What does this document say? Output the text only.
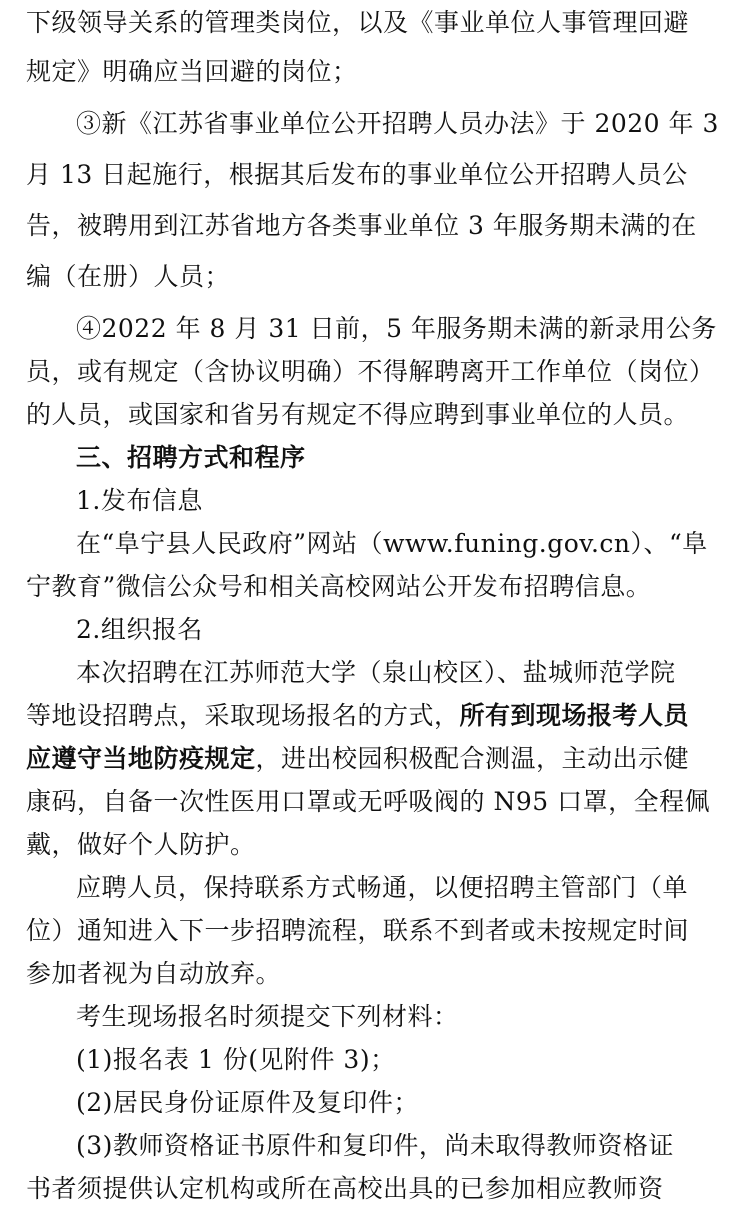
下级领导关系的管理类岗位，以及《事业单位人事管理回避
规定》明确应当回避的岗位；
③新《江苏省事业单位公开招聘人员办法》于 2020 年 3
月 13 日起施行，根据其后发布的事业单位公开招聘人员公
告，被聘用到江苏省地方各类事业单位 3 年服务期未满的在
编（在册）人员；
④2022 年 8 月 31 日前，5 年服务期未满的新录用公务
员，或有规定（含协议明确）不得解聘离开工作单位（岗位）
的人员，或国家和省另有规定不得应聘到事业单位的人员。
三、招聘方式和程序
1.发布信息
在“阜宁县人民政府”网站（www.funing.gov.cn）、“阜
宁教育”微信公众号和相关高校网站公开发布招聘信息。
2.组织报名
本次招聘在江苏师范大学（泉山校区）、盐城师范学院
等地设招聘点，采取现场报名的方式，所有到现场报考人员
应遵守当地防疫规定，进出校园积极配合测温，主动出示健
康码，自备一次性医用口罩或无呼吸阀的 N95 口罩，全程佩
戴，做好个人防护。
应聘人员，保持联系方式畅通，以便招聘主管部门（单
位）通知进入下一步招聘流程，联系不到者或未按规定时间
参加者视为自动放弃。
考生现场报名时须提交下列材料：
(1)报名表 1 份(见附件 3)；
(2)居民身份证原件及复印件；
(3)教师资格证书原件和复印件，尚未取得教师资格证
书者须提供认定机构或所在高校出具的已参加相应教师资
